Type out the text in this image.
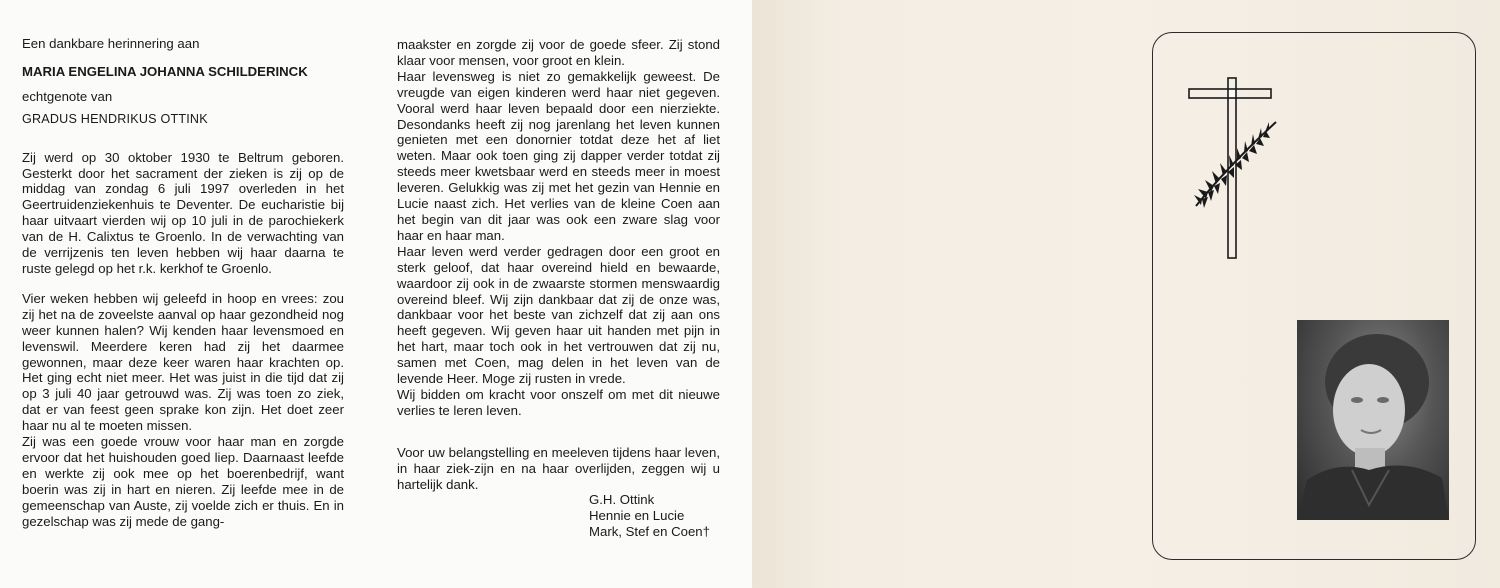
Een dankbare herinnering aan

MARIA ENGELINA JOHANNA SCHILDERINCK

echtgenote van

GRADUS HENDRIKUS OTTINK

Zij werd op 30 oktober 1930 te Beltrum geboren. Gesterkt door het sacrament der zieken is zij op de middag van zondag 6 juli 1997 overleden in het Geertruidenziekenhuis te Deventer. De eucharistie bij haar uitvaart vierden wij op 10 juli in de parochiekerk van de H. Calixtus te Groenlo. In de verwachting van de verrijzenis ten leven hebben wij haar daarna te ruste gelegd op het r.k. kerkhof te Groenlo.

Vier weken hebben wij geleefd in hoop en vrees: zou zij het na de zoveelste aanval op haar gezondheid nog weer kunnen halen? Wij kenden haar levensmoed en levenswil. Meerdere keren had zij het daarmee gewonnen, maar deze keer waren haar krachten op. Het ging echt niet meer. Het was juist in die tijd dat zij op 3 juli 40 jaar getrouwd was. Zij was toen zo ziek, dat er van feest geen sprake kon zijn. Het doet zeer haar nu al te moeten missen.

Zij was een goede vrouw voor haar man en zorgde ervoor dat het huishouden goed liep. Daarnaast leefde en werkte zij ook mee op het boerenbedrijf, want boerin was zij in hart en nieren. Zij leefde mee in de gemeenschap van Auste, zij voelde zich er thuis. En in gezelschap was zij mede de gang-

maakster en zorgde zij voor de goede sfeer. Zij stond klaar voor mensen, voor groot en klein.

Haar levensweg is niet zo gemakkelijk geweest. De vreugde van eigen kinderen werd haar niet gegeven. Vooral werd haar leven bepaald door een nierziekte. Desondanks heeft zij nog jarenlang het leven kunnen genieten met een donornier totdat deze het af liet weten. Maar ook toen ging zij dapper verder totdat zij steeds meer kwetsbaar werd en steeds meer in moest leveren. Gelukkig was zij met het gezin van Hennie en Lucie naast zich. Het verlies van de kleine Coen aan het begin van dit jaar was ook een zware slag voor haar en haar man.

Haar leven werd verder gedragen door een groot en sterk geloof, dat haar overeind hield en bewaarde, waardoor zij ook in de zwaarste stormen menswaardig overeind bleef. Wij zijn dankbaar dat zij de onze was, dankbaar voor het beste van zichzelf dat zij aan ons heeft gegeven. Wij geven haar uit handen met pijn in het hart, maar toch ook in het vertrouwen dat zij nu, samen met Coen, mag delen in het leven van de levende Heer. Moge zij rusten in vrede.

Wij bidden om kracht voor onszelf om met dit nieuwe verlies te leren leven.

Voor uw belangstelling en meeleven tijdens haar leven, in haar ziek-zijn en na haar overlijden, zeggen wij u hartelijk dank.

G.H. Ottink
Hennie en Lucie
Mark, Stef en Coen†
